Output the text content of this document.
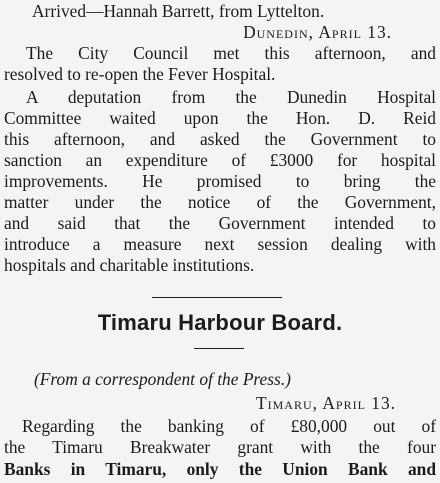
Arrived—Hannah Barrett, from Lyttelton.
Dunedin, April 13.
The City Council met this afternoon, and
resolved to re-open the Fever Hospital.
A deputation from the Dunedin Hospital
Committee waited upon the Hon. D. Reid
this afternoon, and asked the Government to
sanction an expenditure of £3000 for hospital
improvements. He promised to bring the
matter under the notice of the Government,
and said that the Government intended to
introduce a measure next session dealing with
hospitals and charitable institutions.
Timaru Harbour Board.
(From a correspondent of the Press.)
Timaru, April 13.
Regarding the banking of £80,000 out of
the Timaru Breakwater grant with the four
Banks in Timaru, only the Union Bank and
